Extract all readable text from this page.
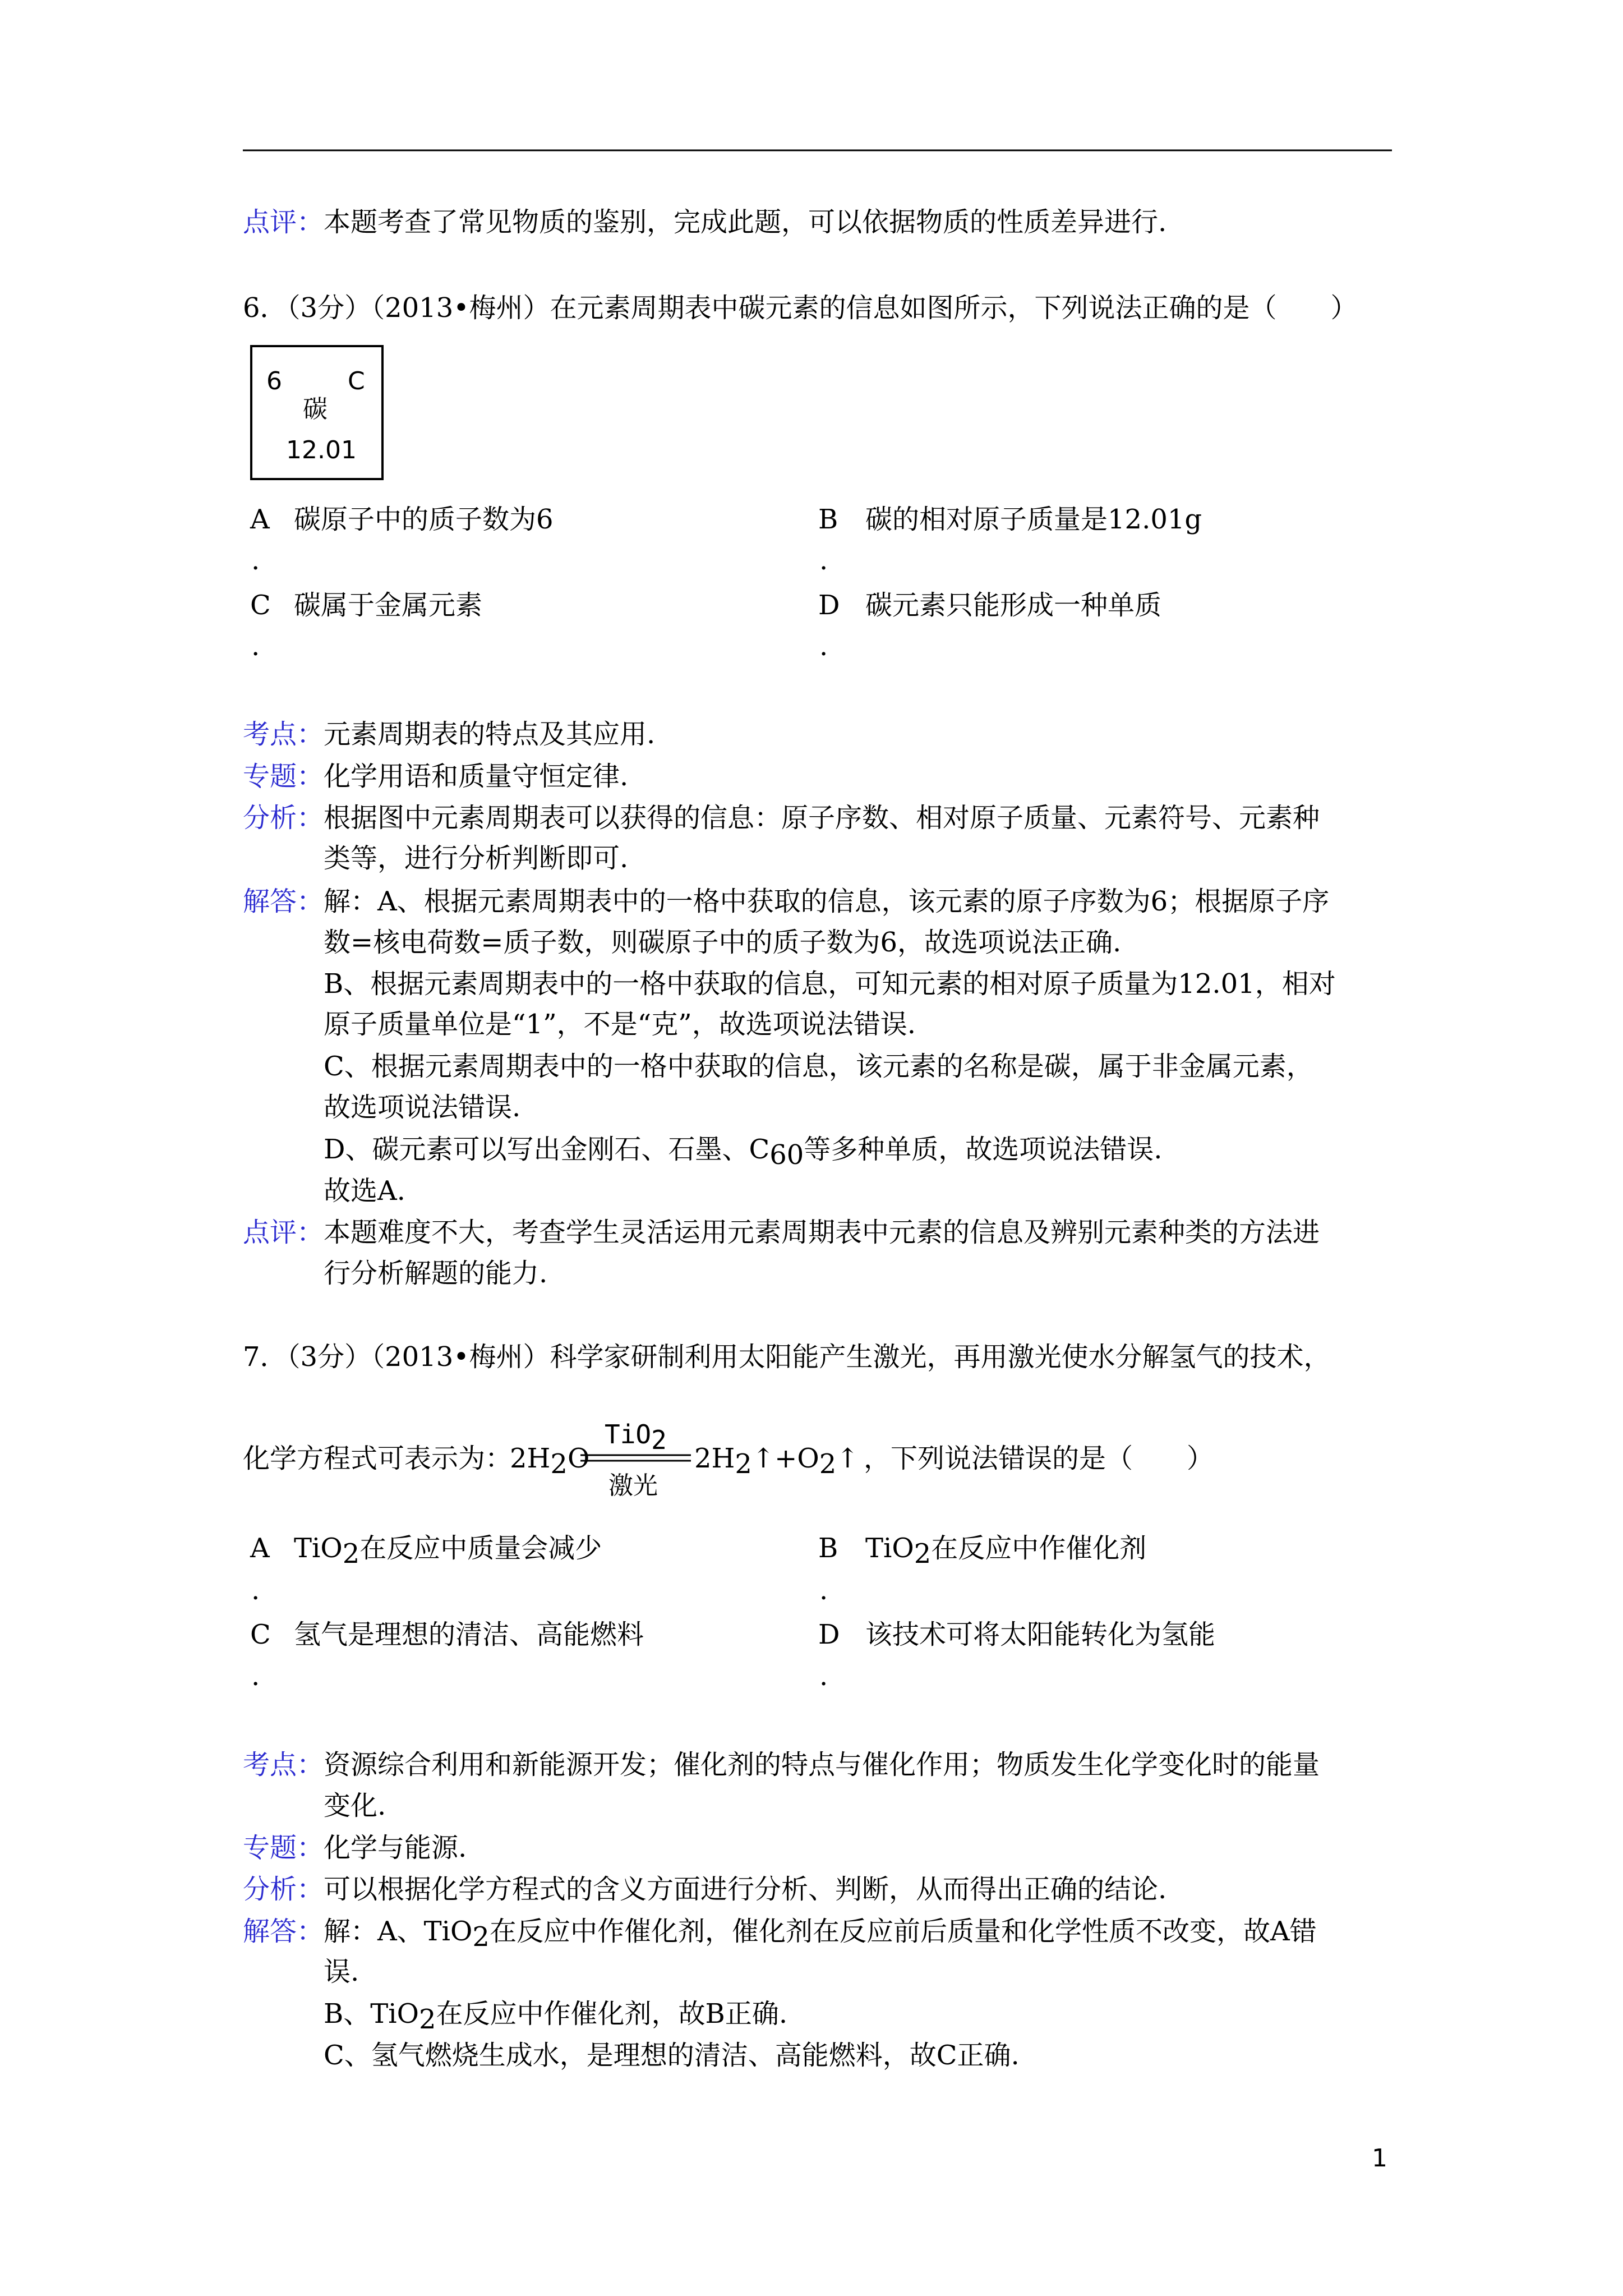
点评： 本题考查了常见物质的鉴别，完成此题，可以依据物质的性质差异进行.
6．（3分）（2013•梅州）在元素周期表中碳元素的信息如图所示，下列说法正确的是（　　）
6	C
碳
12.01
A 碳原子中的质子数为6
.
B 碳的相对原子质量是12.01g
.
C 碳属于金属元素
.
D 碳元素只能形成一种单质
.
考点： 元素周期表的特点及其应用.
专题： 化学用语和质量守恒定律.
分析： 根据图中元素周期表可以获得的信息：原子序数、相对原子质量、元素符号、元素种
类等，进行分析判断即可.
解答： 解：A、根据元素周期表中的一格中获取的信息，该元素的原子序数为6；根据原子序
数=核电荷数=质子数，则碳原子中的质子数为6，故选项说法正确.
B、根据元素周期表中的一格中获取的信息，可知元素的相对原子质量为12.01，相对
原子质量单位是“1”，不是“克”，故选项说法错误.
C、根据元素周期表中的一格中获取的信息，该元素的名称是碳，属于非金属元素，
故选项说法错误.
D、碳元素可以写出金刚石、石墨、C60等多种单质，故选项说法错误.
故选A.
点评： 本题难度不大，考查学生灵活运用元素周期表中元素的信息及辨别元素种类的方法进
行分析解题的能力.
7．（3分）（2013•梅州）科学家研制利用太阳能产生激光，再用激光使水分解氢气的技术，
化学方程式可表示为：
2H2O
TiO2
激光
2H2↑+O2↑ ，下列说法错误的是（　　）
A TiO2在反应中质量会减少
.
B TiO2在反应中作催化剂
.
C 氢气是理想的清洁、高能燃料
.
D 该技术可将太阳能转化为氢能
.
考点： 资源综合利用和新能源开发；催化剂的特点与催化作用；物质发生化学变化时的能量
变化.
专题： 化学与能源.
分析： 可以根据化学方程式的含义方面进行分析、判断，从而得出正确的结论.
解答： 解：A、TiO2在反应中作催化剂，催化剂在反应前后质量和化学性质不改变，故A错
误.
B、TiO2在反应中作催化剂，故B正确.
C、氢气燃烧生成水，是理想的清洁、高能燃料，故C正确.
1
